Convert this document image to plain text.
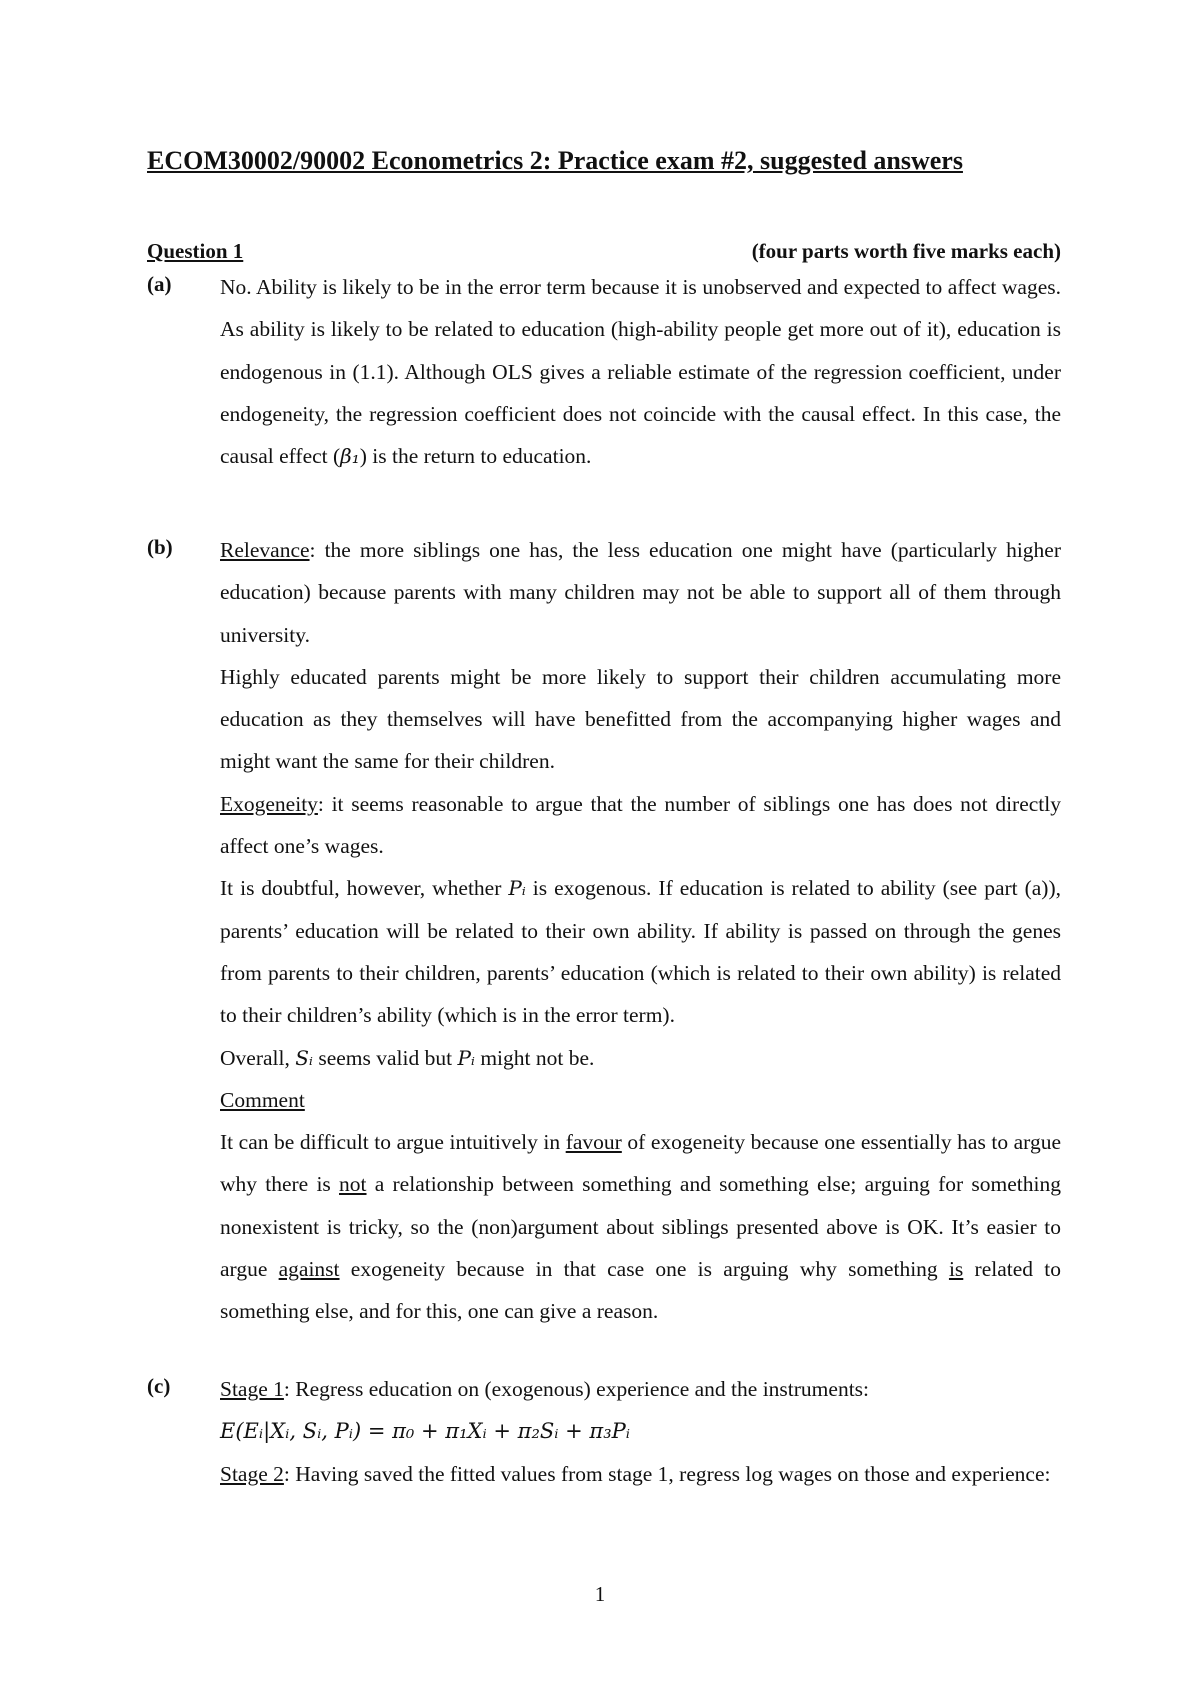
ECOM30002/90002 Econometrics 2: Practice exam #2, suggested answers
Question 1	(four parts worth five marks each)
(a) No. Ability is likely to be in the error term because it is unobserved and expected to affect wages. As ability is likely to be related to education (high-ability people get more out of it), education is endogenous in (1.1). Although OLS gives a reliable estimate of the regression coefficient, under endogeneity, the regression coefficient does not coincide with the causal effect. In this case, the causal effect (β₁) is the return to education.

(b) Relevance: the more siblings one has, the less education one might have (particularly higher education) because parents with many children may not be able to support all of them through university.

Highly educated parents might be more likely to support their children accumulating more education as they themselves will have benefitted from the accompanying higher wages and might want the same for their children.

Exogeneity: it seems reasonable to argue that the number of siblings one has does not directly affect one’s wages.

It is doubtful, however, whether Pᵢ is exogenous. If education is related to ability (see part (a)), parents’ education will be related to their own ability. If ability is passed on through the genes from parents to their children, parents’ education (which is related to their own ability) is related to their children’s ability (which is in the error term).

Overall, Sᵢ seems valid but Pᵢ might not be.

Comment

It can be difficult to argue intuitively in favour of exogeneity because one essentially has to argue why there is not a relationship between something and something else; arguing for something nonexistent is tricky, so the (non)argument about siblings presented above is OK. It’s easier to argue against exogeneity because in that case one is arguing why something is related to something else, and for this, one can give a reason.

(c) Stage 1: Regress education on (exogenous) experience and the instruments:

E(Eᵢ|Xᵢ, Sᵢ, Pᵢ) = π₀ + π₁Xᵢ + π₂Sᵢ + π₃Pᵢ

Stage 2: Having saved the fitted values from stage 1, regress log wages on those and experience:

1
